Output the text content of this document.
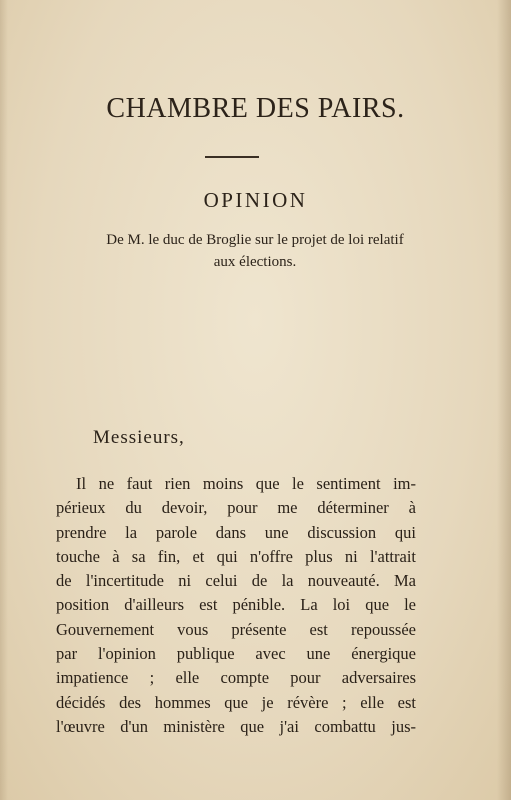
CHAMBRE DES PAIRS.
OPINION
De M. le duc de Broglie sur le projet de loi relatif
aux élections.
Messieurs,
Il ne faut rien moins que le sentiment im-
périeux du devoir, pour me déterminer à
prendre la parole dans une discussion qui
touche à sa fin, et qui n'offre plus ni l'attrait
de l'incertitude ni celui de la nouveauté. Ma
position d'ailleurs est pénible. La loi que le
Gouvernement vous présente est repoussée
par l'opinion publique avec une énergique
impatience ; elle compte pour adversaires
décidés des hommes que je révère ; elle est
l'œuvre d'un ministère que j'ai combattu jus-
